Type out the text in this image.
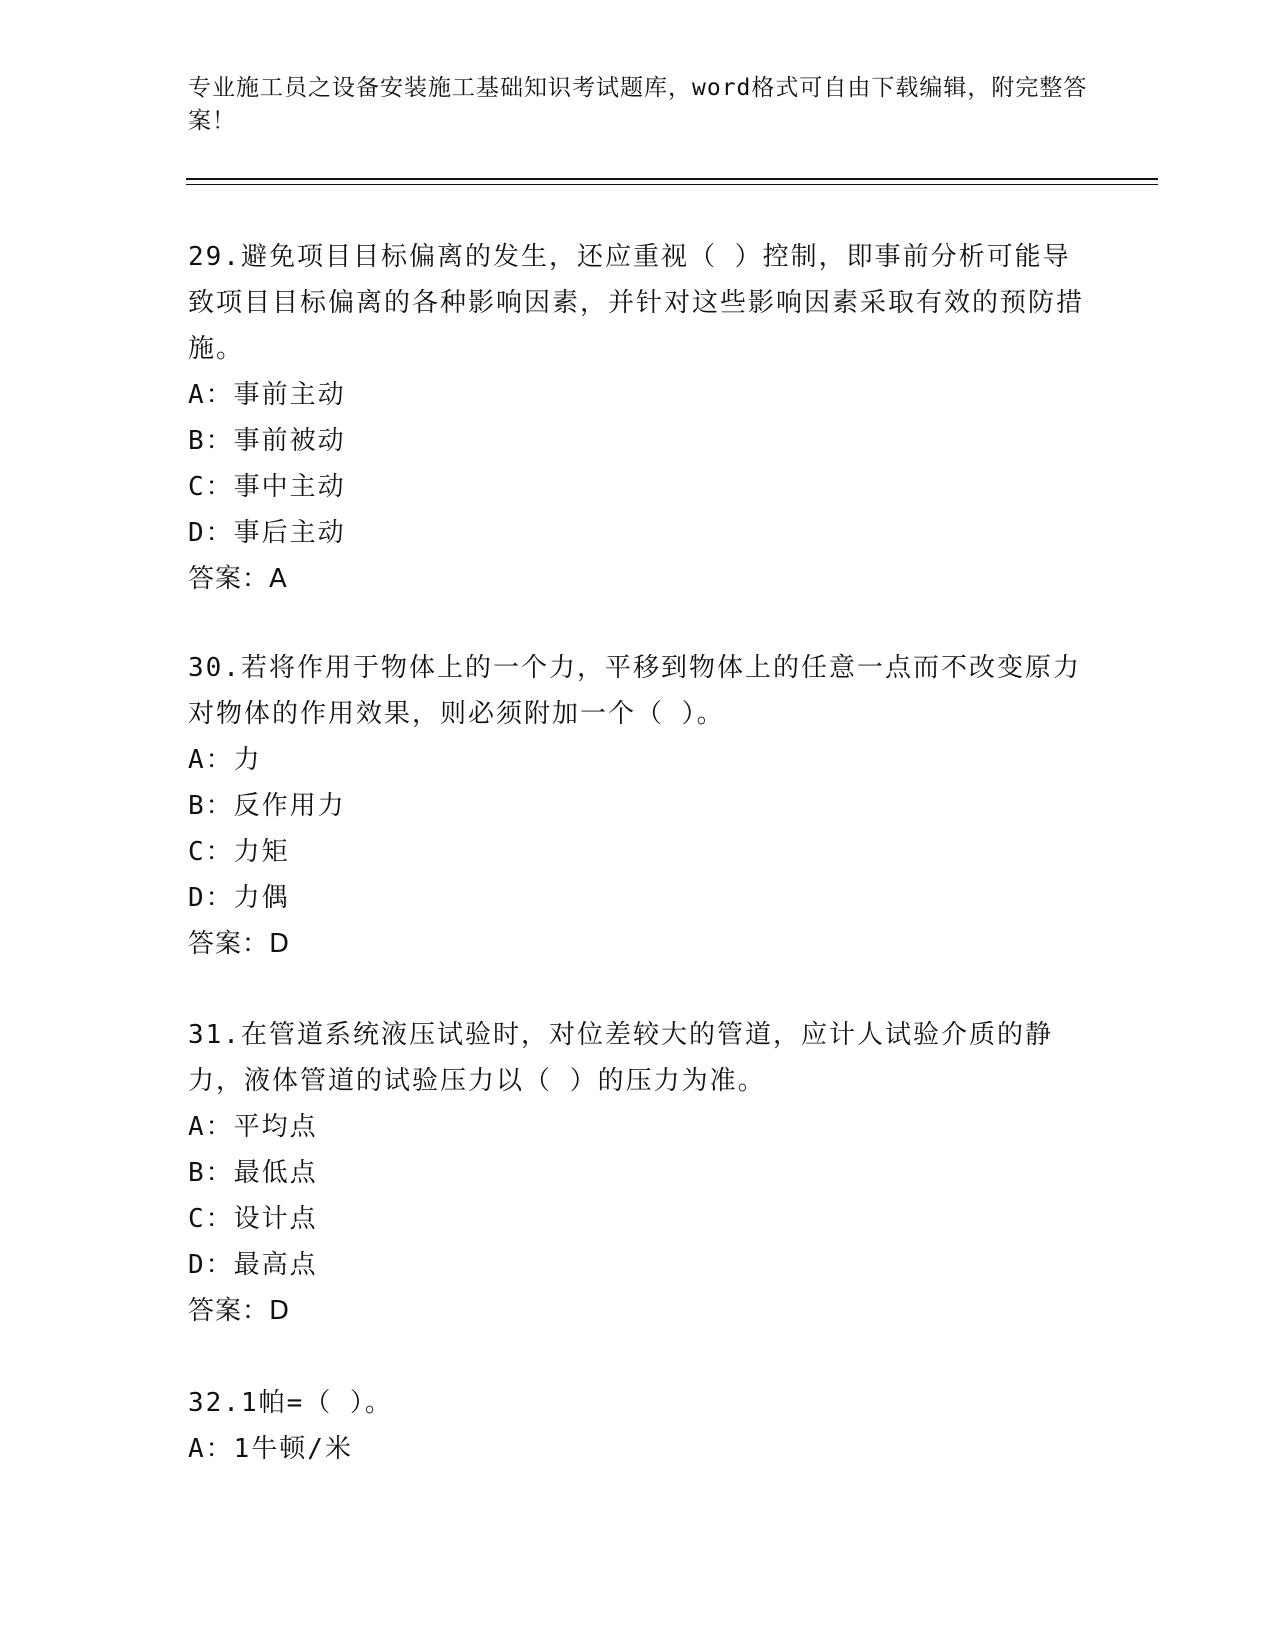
专业施工员之设备安装施工基础知识考试题库，word格式可自由下载编辑，附完整答案！
29.避免项目目标偏离的发生，还应重视（ ）控制，即事前分析可能导致项目目标偏离的各种影响因素，并针对这些影响因素采取有效的预防措施。
A：事前主动
B：事前被动
C：事中主动
D：事后主动
答案：A
30.若将作用于物体上的一个力，平移到物体上的任意一点而不改变原力对物体的作用效果，则必须附加一个（ ）。
A：力
B：反作用力
C：力矩
D：力偶
答案：D
31.在管道系统液压试验时，对位差较大的管道，应计人试验介质的静力，液体管道的试验压力以（ ）的压力为准。
A：平均点
B：最低点
C：设计点
D：最高点
答案：D
32.1帕=（ ）。
A：1牛顿/米
